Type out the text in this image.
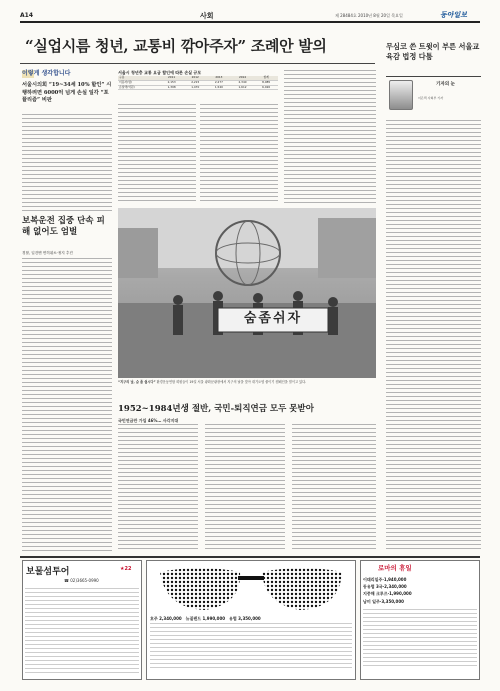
A14	사회	제 28484호 2010년 8월 20일 목요일	동아일보
“실업시름 청년, 교통비 깎아주자” 조례안 발의
이렇게 생각합니다
서울시의회 “19~34세 10% 할인” 시행하려면 6000억 넘게 손실 일각 “포퓰리즘” 비판
보복운전 집중 단속 피해 없어도 엄벌
경찰, 입건땐 면허취소·정지 추진
서울시 청년층 교통 요금 할인에 따른 손실 규모
구분	2011	2012	2013	2014	합계
이용자(명)	2,153	2,215	2,277	2,340	8,985
손실액(억원)	1,398	1,470	1,540	1,612	6,020
숨좀쉬자
“지구의 날, 숨 좀 쉽시다” 환경운동연합 회원들이 19일 서울 광화문광장에서 지구의 날을 맞아 대기오염 줄이기 캠페인을 벌이고 있다.
1952~1984년생 절반, 국민-퇴직연금 모두 못받아
국민연금만 가입 46%… 사각지대
무심코 쓴 트윗이 부른 서울교육감 법정 다툼
기자의 눈
이은택 사회부 기자
보물섬투어
☎ 02)3665-0990
★22
호주 2,340,000 뉴질랜드 1,990,000 유럽 3,350,000
로마의 휴일
이태리일주·1,940,000
동유럽 3국·2,340,000
지중해 크루즈·1,990,000
남미 일주·3,350,000
